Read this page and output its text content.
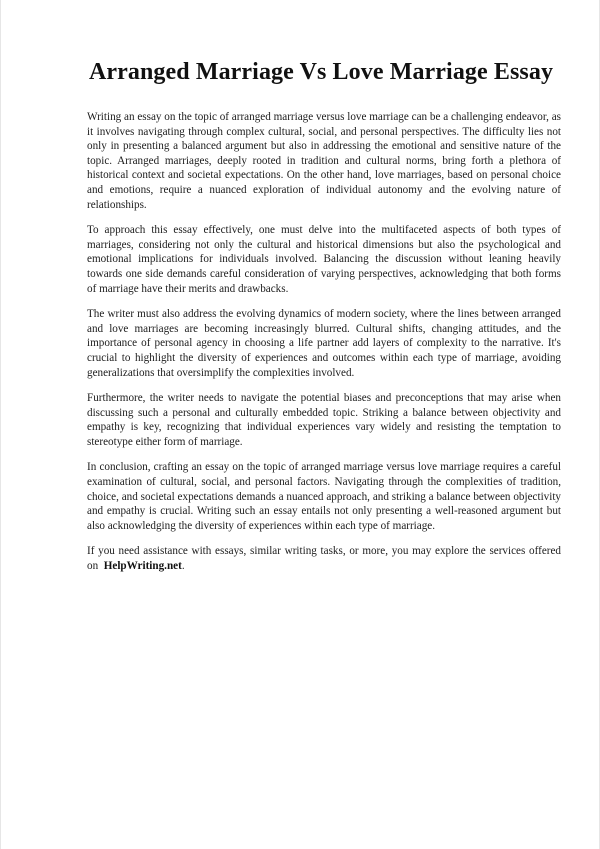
Arranged Marriage Vs Love Marriage Essay

Writing an essay on the topic of arranged marriage versus love marriage can be a challenging endeavor, as it involves navigating through complex cultural, social, and personal perspectives. The difficulty lies not only in presenting a balanced argument but also in addressing the emotional and sensitive nature of the topic. Arranged marriages, deeply rooted in tradition and cultural norms, bring forth a plethora of historical context and societal expectations. On the other hand, love marriages, based on personal choice and emotions, require a nuanced exploration of individual autonomy and the evolving nature of relationships.

To approach this essay effectively, one must delve into the multifaceted aspects of both types of marriages, considering not only the cultural and historical dimensions but also the psychological and emotional implications for individuals involved. Balancing the discussion without leaning heavily towards one side demands careful consideration of varying perspectives, acknowledging that both forms of marriage have their merits and drawbacks.

The writer must also address the evolving dynamics of modern society, where the lines between arranged and love marriages are becoming increasingly blurred. Cultural shifts, changing attitudes, and the importance of personal agency in choosing a life partner add layers of complexity to the narrative. It's crucial to highlight the diversity of experiences and outcomes within each type of marriage, avoiding generalizations that oversimplify the complexities involved.

Furthermore, the writer needs to navigate the potential biases and preconceptions that may arise when discussing such a personal and culturally embedded topic. Striking a balance between objectivity and empathy is key, recognizing that individual experiences vary widely and resisting the temptation to stereotype either form of marriage.

In conclusion, crafting an essay on the topic of arranged marriage versus love marriage requires a careful examination of cultural, social, and personal factors. Navigating through the complexities of tradition, choice, and societal expectations demands a nuanced approach, and striking a balance between objectivity and empathy is crucial. Writing such an essay entails not only presenting a well-reasoned argument but also acknowledging the diversity of experiences within each type of marriage.

If you need assistance with essays, similar writing tasks, or more, you may explore the services offered on HelpWriting.net.
